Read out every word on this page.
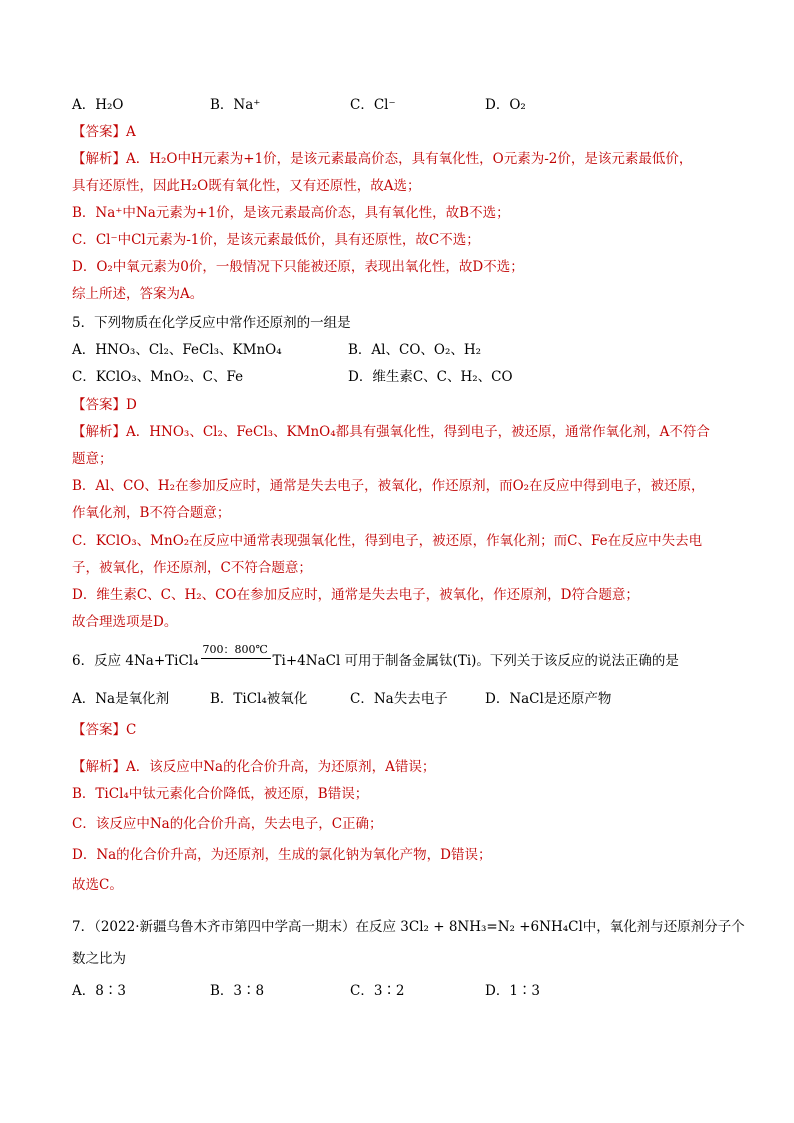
A．H₂O	B．Na⁺	C．Cl⁻	D．O₂
【答案】A
【解析】A．H₂O中H元素为+1价，是该元素最高价态，具有氧化性，O元素为-2价，是该元素最低价，
具有还原性，因此H₂O既有氧化性，又有还原性，故A选；
B．Na⁺中Na元素为+1价，是该元素最高价态，具有氧化性，故B不选；
C．Cl⁻中Cl元素为-1价，是该元素最低价，具有还原性，故C不选；
D．O₂中氧元素为0价，一般情况下只能被还原，表现出氧化性，故D不选；
综上所述，答案为A。
5．下列物质在化学反应中常作还原剂的一组是
A．HNO₃、Cl₂、FeCl₃、KMnO₄	B．Al、CO、O₂、H₂
C．KClO₃、MnO₂、C、Fe	D．维生素C、C、H₂、CO
【答案】D
【解析】A．HNO₃、Cl₂、FeCl₃、KMnO₄都具有强氧化性，得到电子，被还原，通常作氧化剂，A不符合
题意；
B．Al、CO、H₂在参加反应时，通常是失去电子，被氧化，作还原剂，而O₂在反应中得到电子，被还原，
作氧化剂，B不符合题意；
C．KClO₃、MnO₂在反应中通常表现强氧化性，得到电子，被还原，作氧化剂；而C、Fe在反应中失去电
子，被氧化，作还原剂，C不符合题意；
D．维生素C、C、H₂、CO在参加反应时，通常是失去电子，被氧化，作还原剂，D符合题意；
故合理选项是D。
6．反应 4Na+TiCl₄
700：800℃
Ti+4NaCl 可用于制备金属钛(Ti)。下列关于该反应的说法正确的是
A．Na是氧化剂	B．TiCl₄被氧化	C．Na失去电子	D．NaCl是还原产物
【答案】C
【解析】A．该反应中Na的化合价升高，为还原剂，A错误；
B．TiCl₄中钛元素化合价降低，被还原，B错误；
C．该反应中Na的化合价升高，失去电子，C正确；
D．Na的化合价升高，为还原剂，生成的氯化钠为氧化产物，D错误；
故选C。
7．（2022·新疆乌鲁木齐市第四中学高一期末）在反应 3Cl₂ + 8NH₃=N₂ +6NH₄Cl中，氧化剂与还原剂分子个
数之比为
A．8∶3	B．3∶8	C．3∶2	D．1∶3
